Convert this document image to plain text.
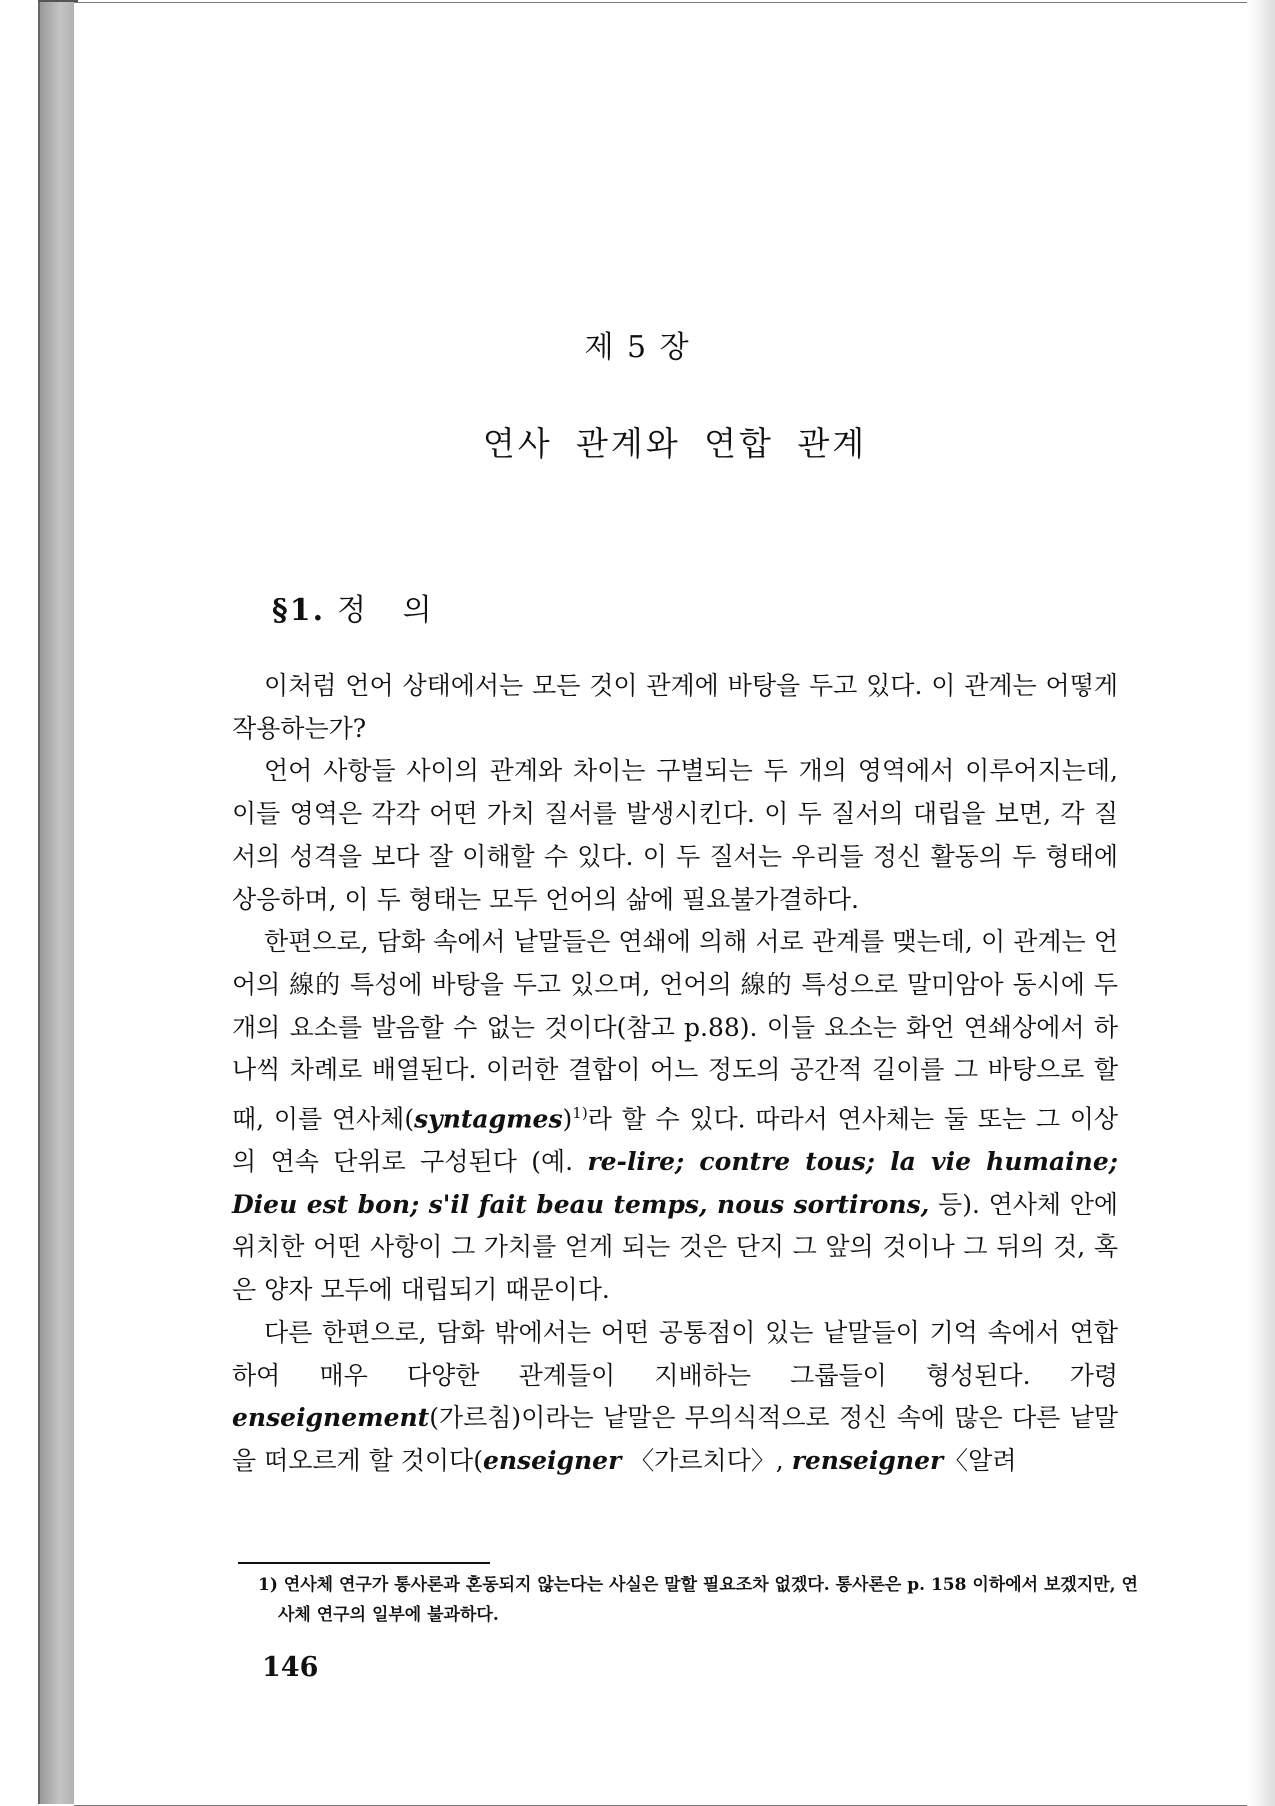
제 5 장
연사 관계와 연합 관계
§1. 정   의

이처럼 언어 상태에서는 모든 것이 관계에 바탕을 두고 있다. 이 관계는 어떻게 작용하는가?

언어 사항들 사이의 관계와 차이는 구별되는 두 개의 영역에서 이루어지는데, 이들 영역은 각각 어떤 가치 질서를 발생시킨다. 이 두 질서의 대립을 보면, 각 질서의 성격을 보다 잘 이해할 수 있다. 이 두 질서는 우리들 정신 활동의 두 형태에 상응하며, 이 두 형태는 모두 언어의 삶에 필요불가결하다.

한편으로, 담화 속에서 낱말들은 연쇄에 의해 서로 관계를 맺는데, 이 관계는 언어의 線的 특성에 바탕을 두고 있으며, 언어의 線的 특성으로 말미암아 동시에 두 개의 요소를 발음할 수 없는 것이다(참고 p.88). 이들 요소는 화언 연쇄상에서 하나씩 차례로 배열된다. 이러한 결합이 어느 정도의 공간적 길이를 그 바탕으로 할 때, 이를 연사체(syntagmes)$^{1)}$라 할 수 있다. 따라서 연사체는 둘 또는 그 이상의 연속 단위로 구성된다 (예. re-lire; contre tous; la vie humaine; Dieu est bon; s'il fait beau temps, nous sortirons, 등). 연사체 안에 위치한 어떤 사항이 그 가치를 얻게 되는 것은 단지 그 앞의 것이나 그 뒤의 것, 혹은 양자 모두에 대립되기 때문이다.

다른 한편으로, 담화 밖에서는 어떤 공통점이 있는 낱말들이 기억 속에서 연합하여 매우 다양한 관계들이 지배하는 그룹들이 형성된다. 가령 enseignement(가르침)이라는 낱말은 무의식적으로 정신 속에 많은 다른 낱말을 떠오르게 할 것이다(enseigner 〈가르치다〉, renseigner〈알려

1) 연사체 연구가 통사론과 혼동되지 않는다는 사실은 말할 필요조차 없겠다. 통사론은 p. 158 이하에서 보겠지만, 연사체 연구의 일부에 불과하다.
146
